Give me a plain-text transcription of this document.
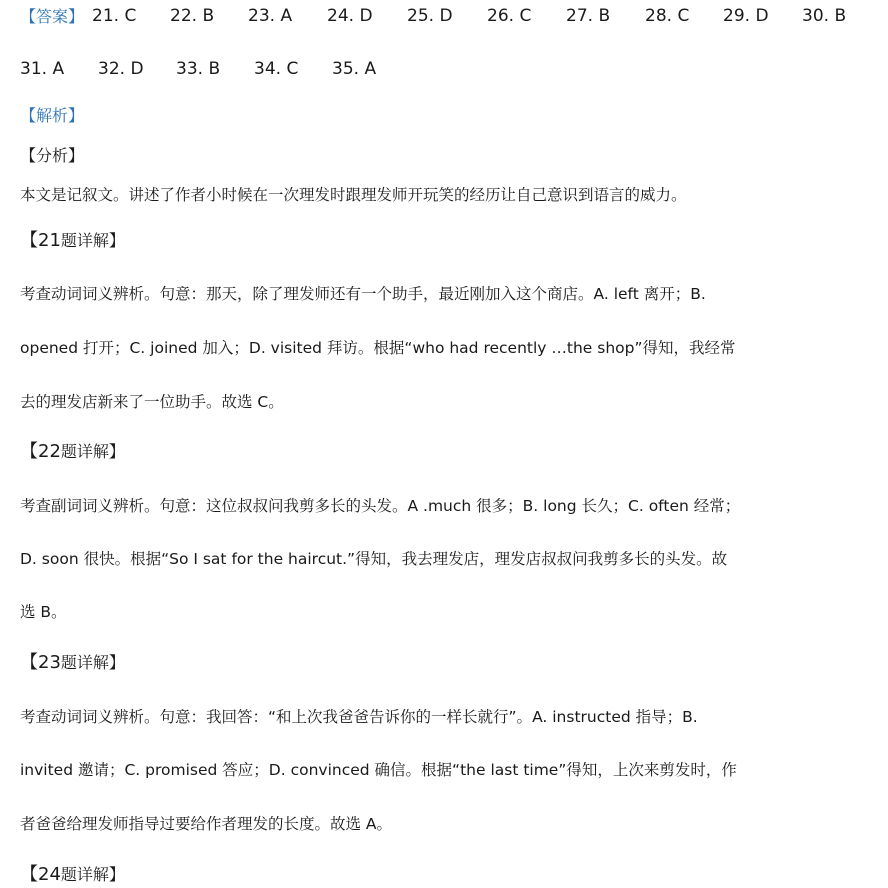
【答案】 21. C 22. B 23. A 24. D 25. D 26. C 27. B 28. C 29. D 30. B
31. A 32. D 33. B 34. C 35. A
【解析】
【分析】
本文是记叙文。讲述了作者小时候在一次理发时跟理发师开玩笑的经历让自己意识到语言的威力。
【21题详解】
考查动词词义辨析。句意：那天，除了理发师还有一个助手，最近刚加入这个商店。A. left 离开；B.
opened 打开；C. joined 加入；D. visited 拜访。根据“who had recently …the shop”得知，我经常
去的理发店新来了一位助手。故选 C。
【22题详解】
考查副词词义辨析。句意：这位叔叔问我剪多长的头发。A .much 很多；B. long 长久；C. often 经常；
D. soon 很快。根据“So I sat for the haircut.”得知，我去理发店，理发店叔叔问我剪多长的头发。故
选 B。
【23题详解】
考查动词词义辨析。句意：我回答：“和上次我爸爸告诉你的一样长就行”。A. instructed 指导；B.
invited 邀请；C. promised 答应；D. convinced 确信。根据“the last time”得知，上次来剪发时，作
者爸爸给理发师指导过要给作者理发的长度。故选 A。
【24题详解】
